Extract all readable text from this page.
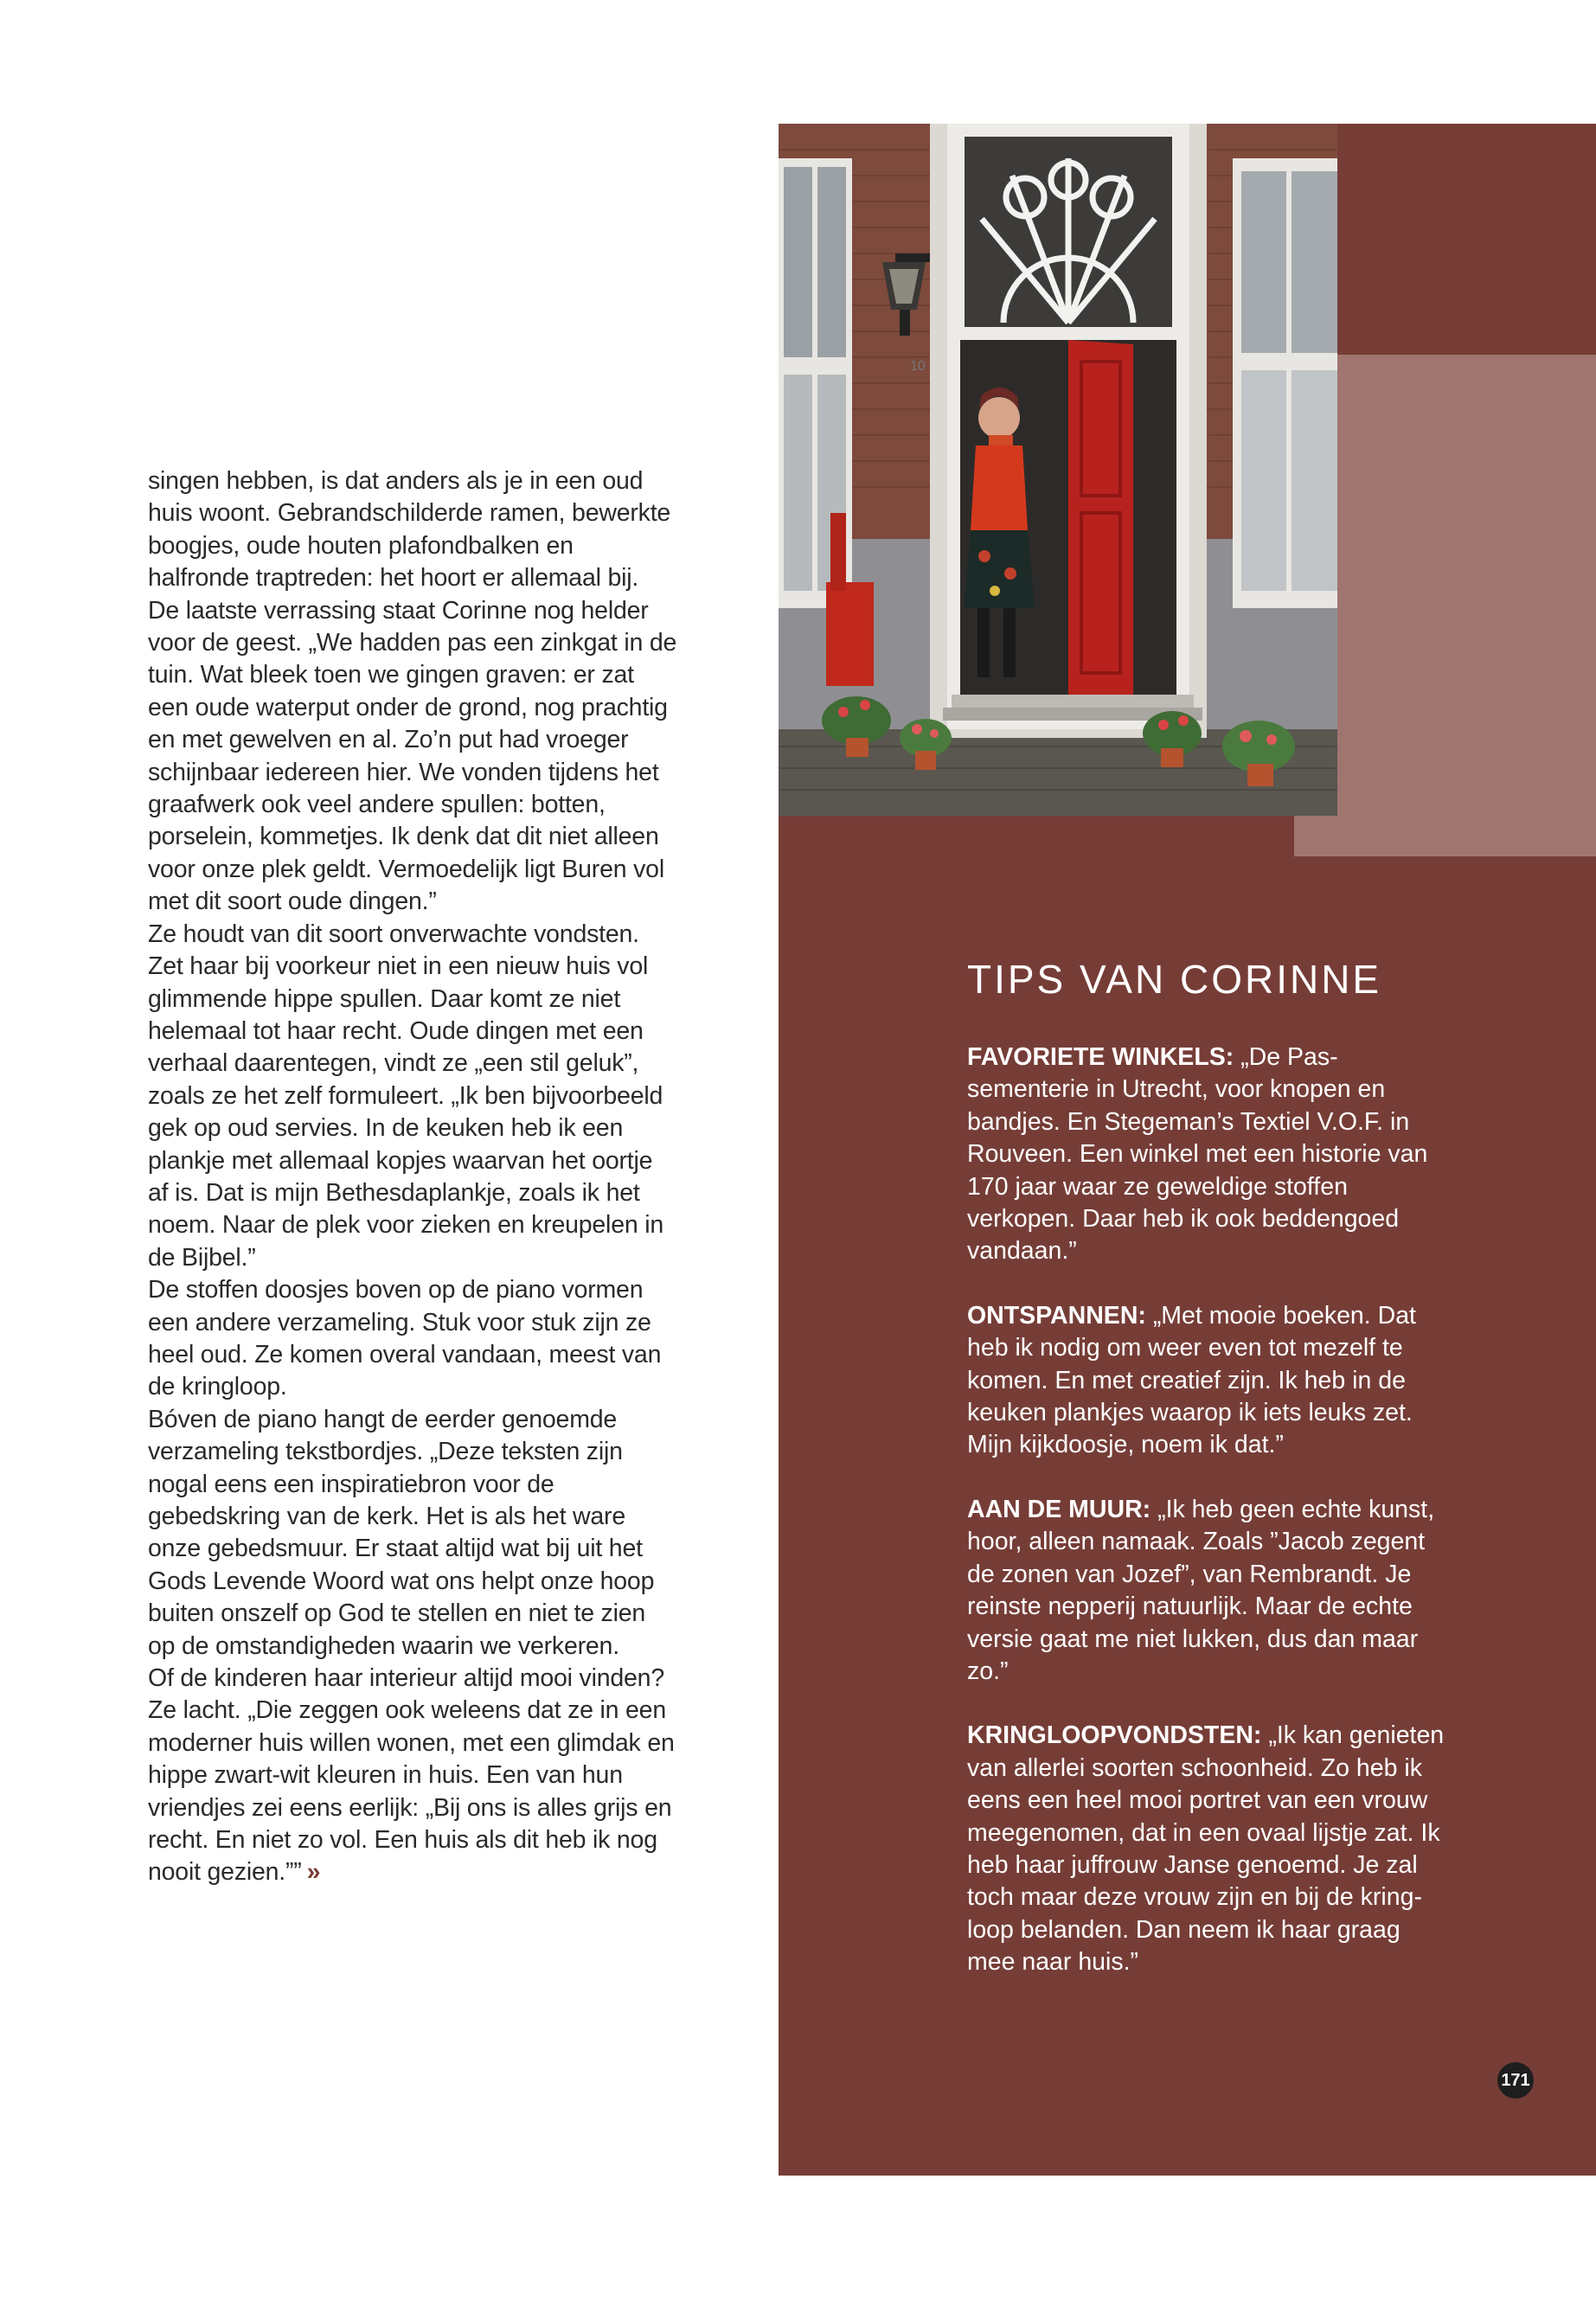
singen hebben, is dat anders als je in een oud huis woont. Gebrandschilderde ramen, bewerkte boogjes, oude houten plafondbalken en halfronde traptreden: het hoort er allemaal bij.

De laatste verrassing staat Corinne nog helder voor de geest. „We hadden pas een zinkgat in de tuin. Wat bleek toen we gingen graven: er zat een oude waterput onder de grond, nog prachtig en met gewelven en al. Zo’n put had vroeger schijnbaar iedereen hier. We vonden tijdens het graafwerk ook veel andere spullen: botten, porselein, kommetjes. Ik denk dat dit niet alleen voor onze plek geldt. Vermoedelijk ligt Buren vol met dit soort oude dingen.”

Ze houdt van dit soort onverwachte vondsten. Zet haar bij voorkeur niet in een nieuw huis vol glimmende hippe spullen. Daar komt ze niet helemaal tot haar recht. Oude dingen met een verhaal daarentegen, vindt ze „een stil geluk”, zoals ze het zelf formuleert. „Ik ben bijvoorbeeld gek op oud servies. In de keuken heb ik een plankje met allemaal kopjes waarvan het oortje af is. Dat is mijn Bethesdaplankje, zoals ik het noem. Naar de plek voor zieken en kreupelen in de Bijbel.”

De stoffen doosjes boven op de piano vormen een andere verzameling. Stuk voor stuk zijn ze heel oud. Ze komen overal vandaan, meest van de kringloop.

Bóven de piano hangt de eerder genoemde verzameling tekstbordjes. „Deze teksten zijn nogal eens een inspiratiebron voor de gebedskring van de kerk. Het is als het ware onze gebedsmuur. Er staat altijd wat bij uit het Gods Levende Woord wat ons helpt onze hoop buiten onszelf op God te stellen en niet te zien op de omstandigheden waarin we verkeren.

Of de kinderen haar interieur altijd mooi vinden? Ze lacht. „Die zeggen ook weleens dat ze in een moderner huis willen wonen, met een glimdak en hippe zwart-wit kleuren in huis. Een van hun vriendjes zei eens eerlijk: „Bij ons is alles grijs en recht. En niet zo vol. Een huis als dit heb ik nog nooit gezien.”” »

10
TIPS VAN CORINNE

FAVORIETE WINKELS: „De Passementerie in Utrecht, voor knopen en bandjes. En Stegeman’s Textiel V.O.F. in Rouveen. Een winkel met een historie van 170 jaar waar ze geweldige stoffen verkopen. Daar heb ik ook beddengoed vandaan.”

ONTSPANNEN: „Met mooie boeken. Dat heb ik nodig om weer even tot mezelf te komen. En met creatief zijn. Ik heb in de keuken plankjes waarop ik iets leuks zet. Mijn kijkdoosje, noem ik dat.”

AAN DE MUUR: „Ik heb geen echte kunst, hoor, alleen namaak. Zoals ”Jacob zegent de zonen van Jozef”, van Rembrandt. Je reinste nepperij natuurlijk. Maar de echte versie gaat me niet lukken, dus dan maar zo.”

KRINGLOOPVONDSTEN: „Ik kan genieten van allerlei soorten schoonheid. Zo heb ik eens een heel mooi portret van een vrouw meegenomen, dat in een ovaal lijstje zat. Ik heb haar juffrouw Janse genoemd. Je zal toch maar deze vrouw zijn en bij de kringloop belanden. Dan neem ik haar graag mee naar huis.”

171
